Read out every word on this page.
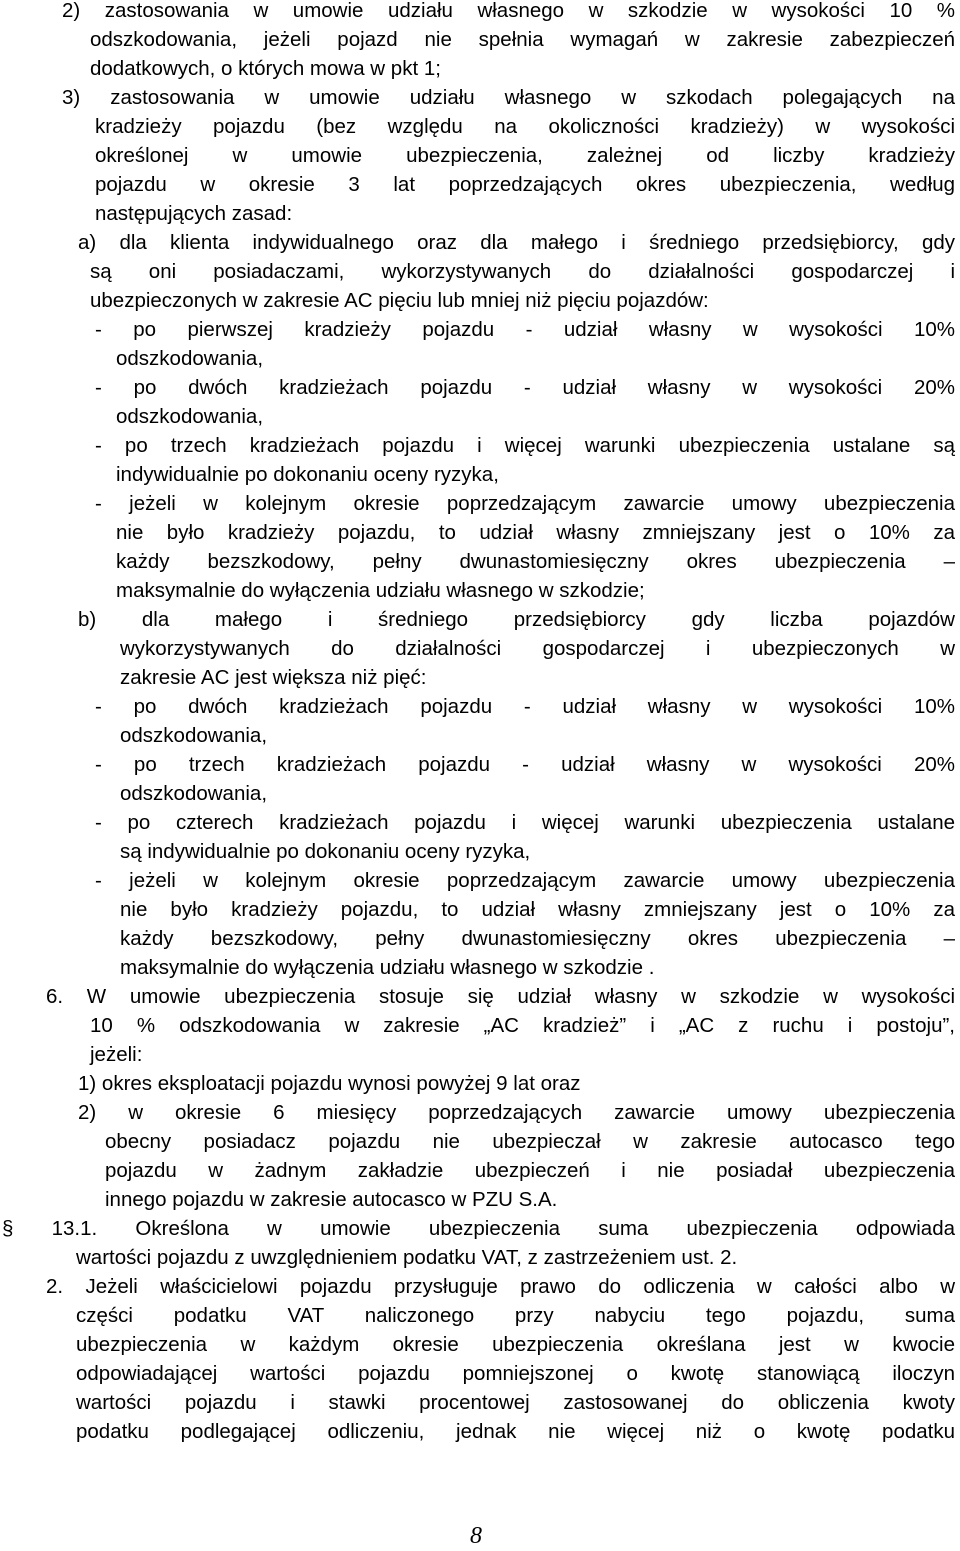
2) zastosowania w umowie udziału własnego w szkodzie w wysokości 10 %

odszkodowania, jeżeli pojazd nie spełnia wymagań w zakresie zabezpieczeń

dodatkowych, o których mowa w pkt 1;

3) zastosowania w umowie udziału własnego w szkodach polegających na

kradzieży pojazdu (bez względu na okoliczności kradzieży) w wysokości

określonej w umowie ubezpieczenia, zależnej od liczby kradzieży

pojazdu w okresie 3 lat poprzedzających okres ubezpieczenia, według

następujących zasad:

a) dla klienta indywidualnego oraz dla małego i średniego przedsiębiorcy, gdy

są oni posiadaczami, wykorzystywanych do działalności gospodarczej i

ubezpieczonych w zakresie AC pięciu lub mniej niż pięciu pojazdów:

- po pierwszej kradzieży pojazdu - udział własny w wysokości 10%

odszkodowania,

- po dwóch kradzieżach pojazdu - udział własny w wysokości 20%

odszkodowania,

- po trzech kradzieżach pojazdu i więcej warunki ubezpieczenia ustalane są

indywidualnie po dokonaniu oceny ryzyka,

- jeżeli w kolejnym okresie poprzedzającym zawarcie umowy ubezpieczenia

nie było kradzieży pojazdu, to udział własny zmniejszany jest o 10% za

każdy bezszkodowy, pełny dwunastomiesięczny okres ubezpieczenia –

maksymalnie do wyłączenia udziału własnego w szkodzie;

b) dla małego i średniego przedsiębiorcy gdy liczba pojazdów

wykorzystywanych do działalności gospodarczej i ubezpieczonych w

zakresie AC jest większa niż pięć:

- po dwóch kradzieżach pojazdu - udział własny w wysokości 10%

odszkodowania,

- po trzech kradzieżach pojazdu - udział własny w wysokości 20%

odszkodowania,

- po czterech kradzieżach pojazdu i więcej warunki ubezpieczenia ustalane

są indywidualnie po dokonaniu oceny ryzyka,

- jeżeli w kolejnym okresie poprzedzającym zawarcie umowy ubezpieczenia

nie było kradzieży pojazdu, to udział własny zmniejszany jest o 10% za

każdy bezszkodowy, pełny dwunastomiesięczny okres ubezpieczenia –

maksymalnie do wyłączenia udziału własnego w szkodzie .

6. W umowie ubezpieczenia stosuje się udział własny w szkodzie w wysokości

10 % odszkodowania w zakresie „AC kradzież” i „AC z ruchu i postoju”,

jeżeli:

1) okres eksploatacji pojazdu wynosi powyżej 9 lat oraz

2) w okresie 6 miesięcy poprzedzających zawarcie umowy ubezpieczenia

obecny posiadacz pojazdu nie ubezpieczał w zakresie autocasco tego

pojazdu w żadnym zakładzie ubezpieczeń i nie posiadał ubezpieczenia

innego pojazdu w zakresie autocasco w PZU S.A.

§ 13.1. Określona w umowie ubezpieczenia suma ubezpieczenia odpowiada

wartości pojazdu z uwzględnieniem podatku VAT, z zastrzeżeniem ust. 2.

2. Jeżeli właścicielowi pojazdu przysługuje prawo do odliczenia w całości albo w

części podatku VAT naliczonego przy nabyciu tego pojazdu, suma

ubezpieczenia w każdym okresie ubezpieczenia określana jest w kwocie

odpowiadającej wartości pojazdu pomniejszonej o kwotę stanowiącą iloczyn

wartości pojazdu i stawki procentowej zastosowanej do obliczenia kwoty

podatku podlegającej odliczeniu, jednak nie więcej niż o kwotę podatku

8
